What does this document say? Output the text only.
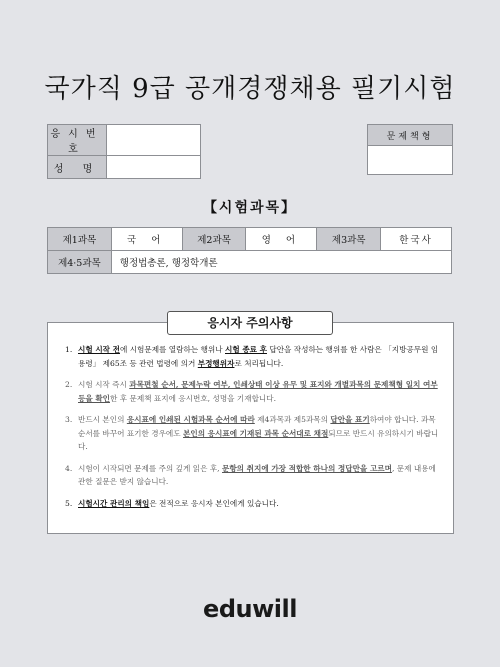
국가직 9급 공개경쟁채용 필기시험
응시번호	
성 명	
문제책형

【시험과목】
제1과목	국 어	제2과목	영 어	제3과목	한국사
제4·5과목	행정법총론, 행정학개론				
1. 시험 시작 전에 시험문제를 열람하는 행위나 시험 종료 후 답안을 작성하는 행위를 한 사람은 「지방공무원 임용령」 제65조 등 관련 법령에 의거 부정행위자로 처리됩니다.
2. 시험 시작 즉시 과목편철 순서, 문제누락 여부, 인쇄상태 이상 유무 및 표지와 개별과목의 문제책형 일치 여부 등을 확인한 후 문제책 표지에 응시번호, 성명을 기재합니다.
3. 반드시 본인의 응시표에 인쇄된 시험과목 순서에 따라 제4과목과 제5과목의 답안을 표기하여야 합니다. 과목 순서를 바꾸어 표기한 경우에도 본인의 응시표에 기재된 과목 순서대로 채점되므로 반드시 유의하시기 바랍니다.
4. 시험이 시작되면 문제를 주의 깊게 읽은 후, 문항의 취지에 가장 적합한 하나의 정답만을 고르며, 문제 내용에 관한 질문은 받지 않습니다.
5. 시험시간 관리의 책임은 전적으로 응시자 본인에게 있습니다.
응시자 주의사항
eduwill
